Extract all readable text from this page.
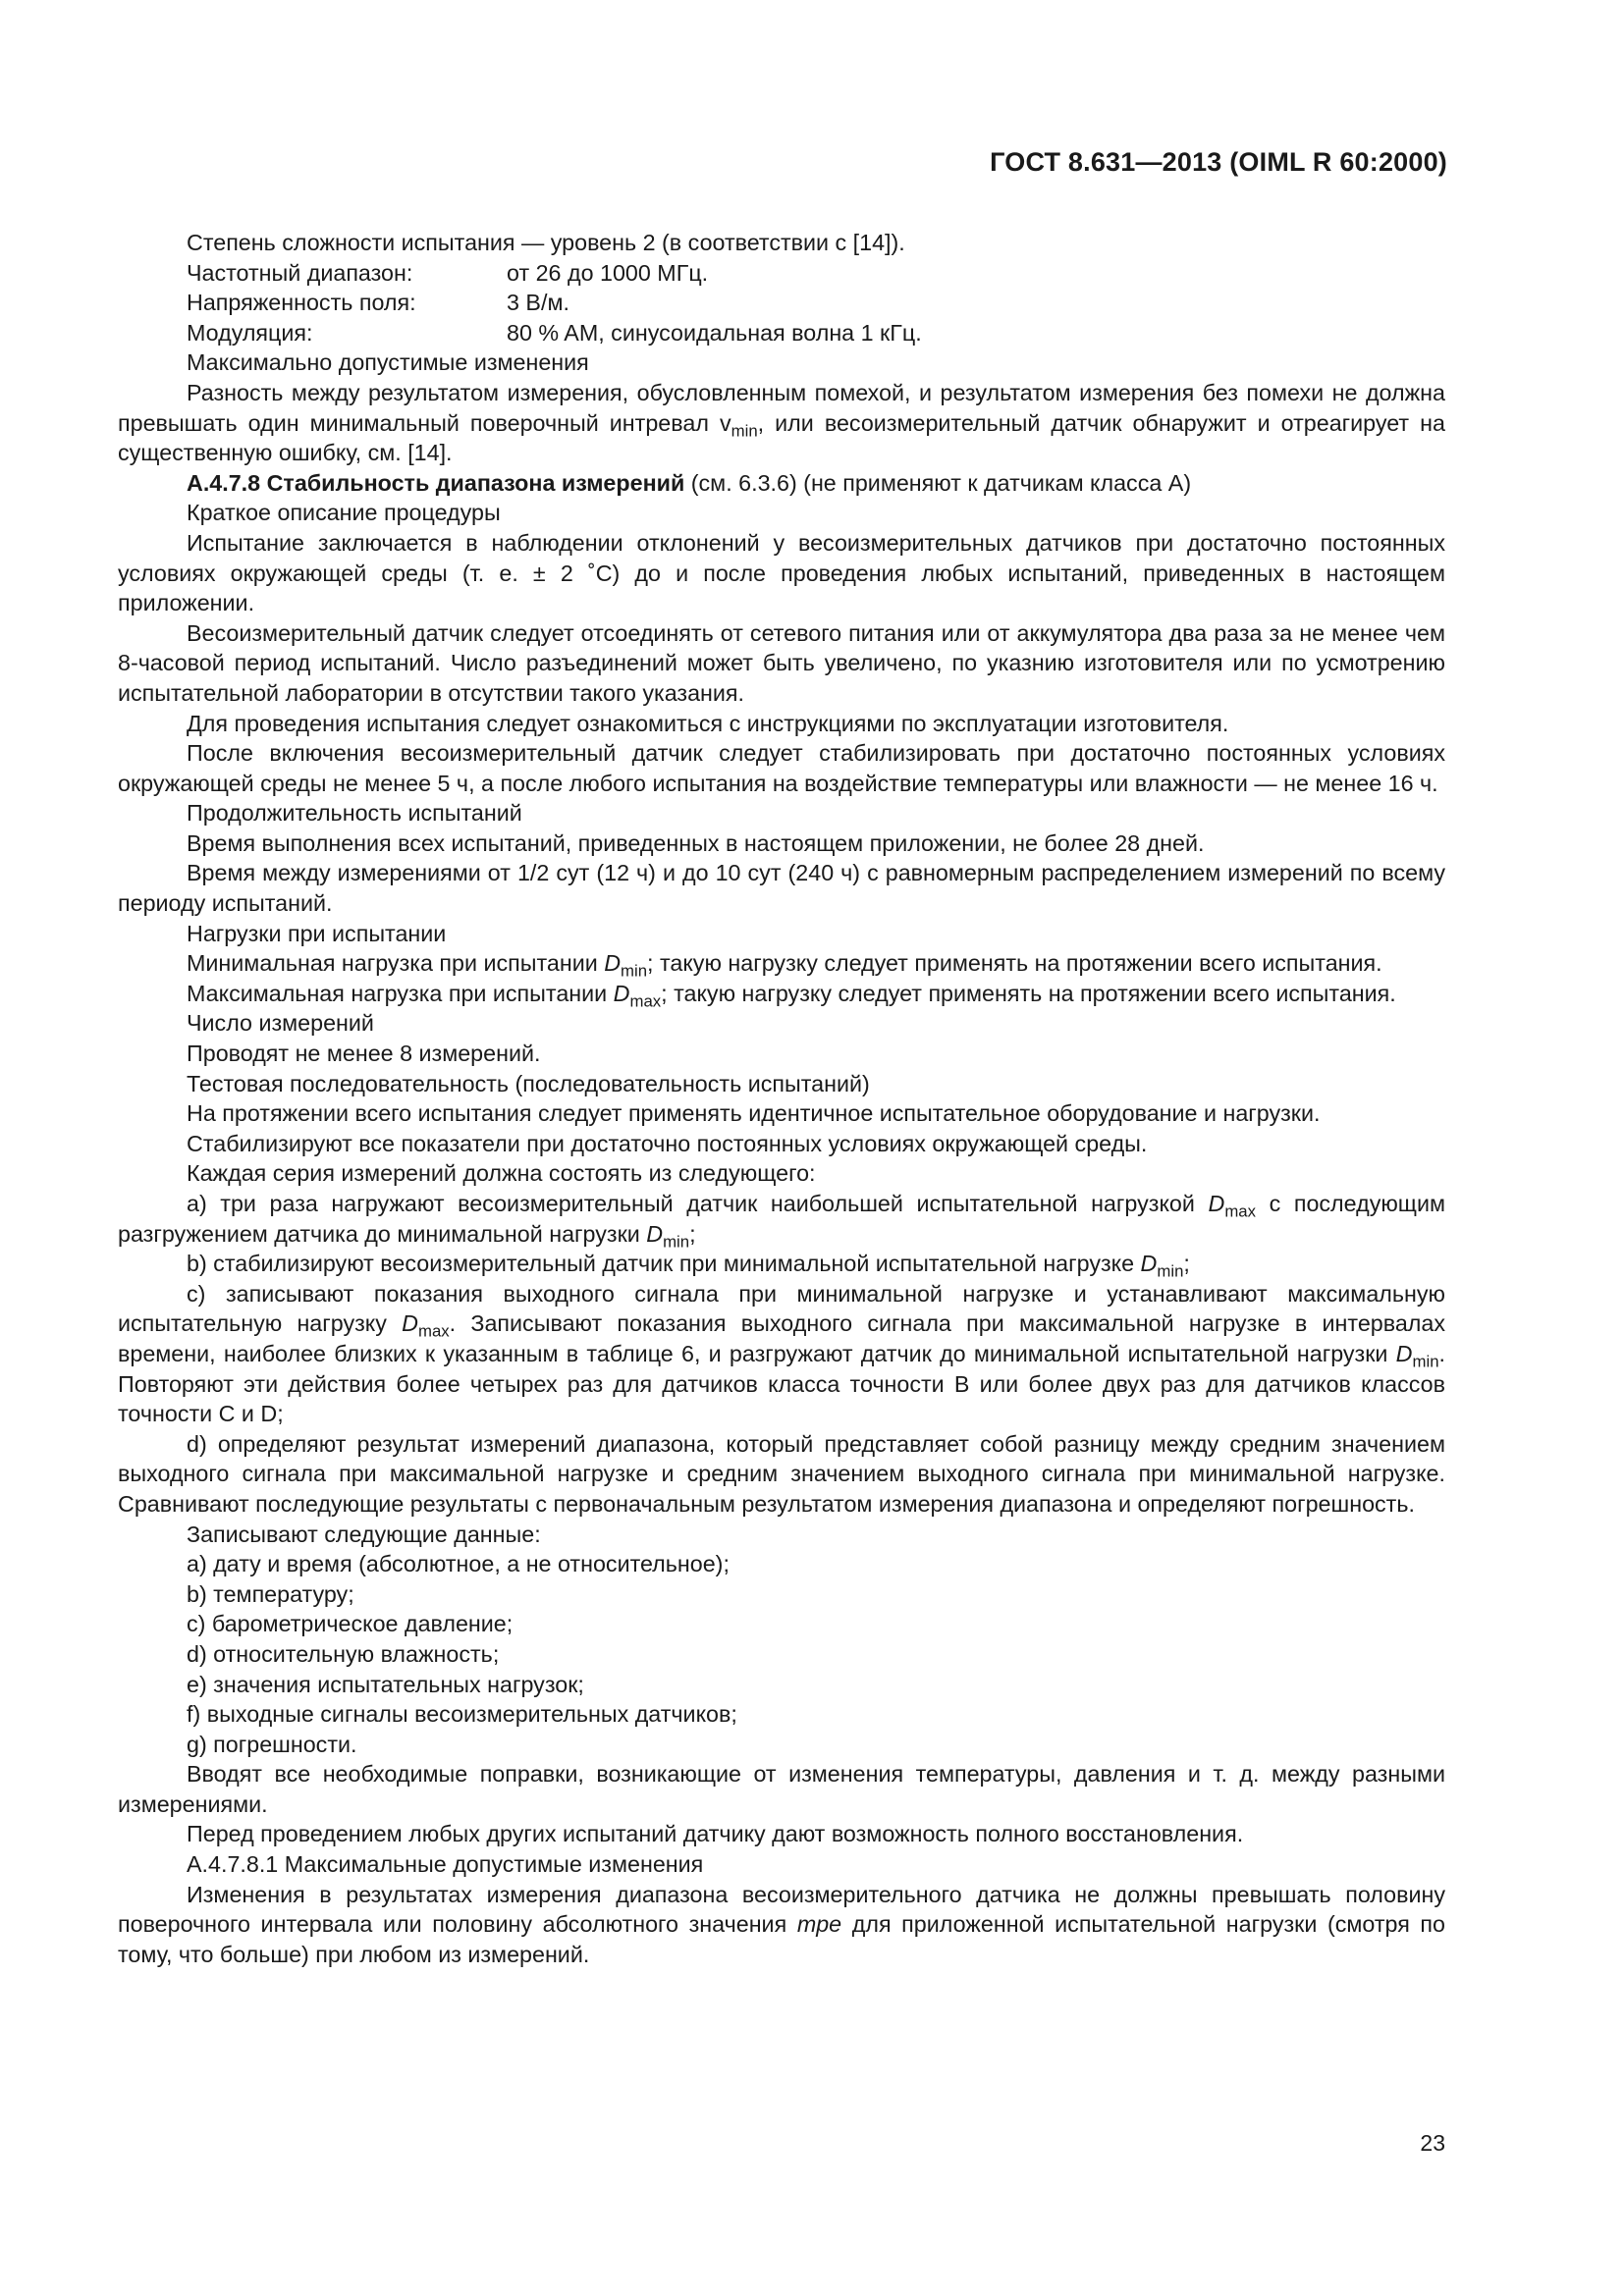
ГОСТ 8.631—2013 (OIML R 60:2000)

Степень сложности испытания — уровень 2 (в соответствии с [14]).

Частотный диапазон:	от 26 до 1000 МГц.
Напряженность поля:	3 В/м.
Модуляция:	80 % AM, синусоидальная волна 1 кГц.

Максимально допустимые изменения

Разность между результатом измерения, обусловленным помехой, и результатом измерения без помехи не должна превышать один минимальный поверочный интревал $v_{min}$, или весоизмерительный датчик обнаружит и отреагирует на существенную ошибку, см. [14].

А.4.7.8 Стабильность диапазона измерений (см. 6.3.6) (не применяют к датчикам класса А)

Краткое описание процедуры

Испытание заключается в наблюдении отклонений у весоизмерительных датчиков при достаточно постоянных условиях окружающей среды (т. е. ± 2 ˚С) до и после проведения любых испытаний, приведенных в настоящем приложении.

Весоизмерительный датчик следует отсоединять от сетевого питания или от аккумулятора два раза за не менее чем 8-часовой период испытаний. Число разъединений может быть увеличено, по указнию изготовителя или по усмотрению испытательной лаборатории в отсутствии такого указания.

Для проведения испытания следует ознакомиться с инструкциями по эксплуатации изготовителя.

После включения весоизмерительный датчик следует стабилизировать при достаточно постоянных условиях окружающей среды не менее 5 ч, а после любого испытания на воздействие температуры или влажности — не менее 16 ч.

Продолжительность испытаний

Время выполнения всех испытаний, приведенных в настоящем приложении, не более 28 дней.

Время между измерениями от 1/2 сут (12 ч) и до 10 сут (240 ч) с равномерным распределением измерений по всему периоду испытаний.

Нагрузки при испытании

Минимальная нагрузка при испытании $D_{min}$; такую нагрузку следует применять на протяжении всего испытания.

Максимальная нагрузка при испытании $D_{max}$; такую нагрузку следует применять на протяжении всего испытания.

Число измерений

Проводят не менее 8 измерений.

Тестовая последовательность (последовательность испытаний)

На протяжении всего испытания следует применять идентичное испытательное оборудование и нагрузки.

Стабилизируют все показатели при достаточно постоянных условиях окружающей среды.

Каждая серия измерений должна состоять из следующего:

a) три раза нагружают весоизмерительный датчик наибольшей испытательной нагрузкой $D_{max}$ с последующим разгружением датчика до минимальной нагрузки $D_{min}$;

b) стабилизируют весоизмерительный датчик при минимальной испытательной нагрузке $D_{min}$;

c) записывают показания выходного сигнала при минимальной нагрузке и устанавливают максимальную испытательную нагрузку $D_{max}$. Записывают показания выходного сигнала при максимальной нагрузке в интервалах времени, наиболее близких к указанным в таблице 6, и разгружают датчик до минимальной испытательной нагрузки $D_{min}$. Повторяют эти действия более четырех раз для датчиков класса точности В или более двух раз для датчиков классов точности С и D;

d) определяют результат измерений диапазона, который представляет собой разницу между средним значением выходного сигнала при максимальной нагрузке и средним значением выходного сигнала при минимальной нагрузке. Сравнивают последующие результаты с первоначальным результатом измерения диапазона и определяют погрешность.

Записывают следующие данные:

a) дату и время (абсолютное, а не относительное);

b) температуру;

c) барометрическое давление;

d) относительную влажность;

e) значения испытательных нагрузок;

f) выходные сигналы весоизмерительных датчиков;

g) погрешности.

Вводят все необходимые поправки, возникающие от изменения температуры, давления и т. д. между разными измерениями.

Перед проведением любых других испытаний датчику дают возможность полного восстановления.

А.4.7.8.1 Максимальные допустимые изменения

Изменения в результатах измерения диапазона весоизмерительного датчика не должны превышать половину поверочного интервала или половину абсолютного значения mpe для приложенной испытательной нагрузки (смотря по тому, что больше) при любом из измерений.

23
